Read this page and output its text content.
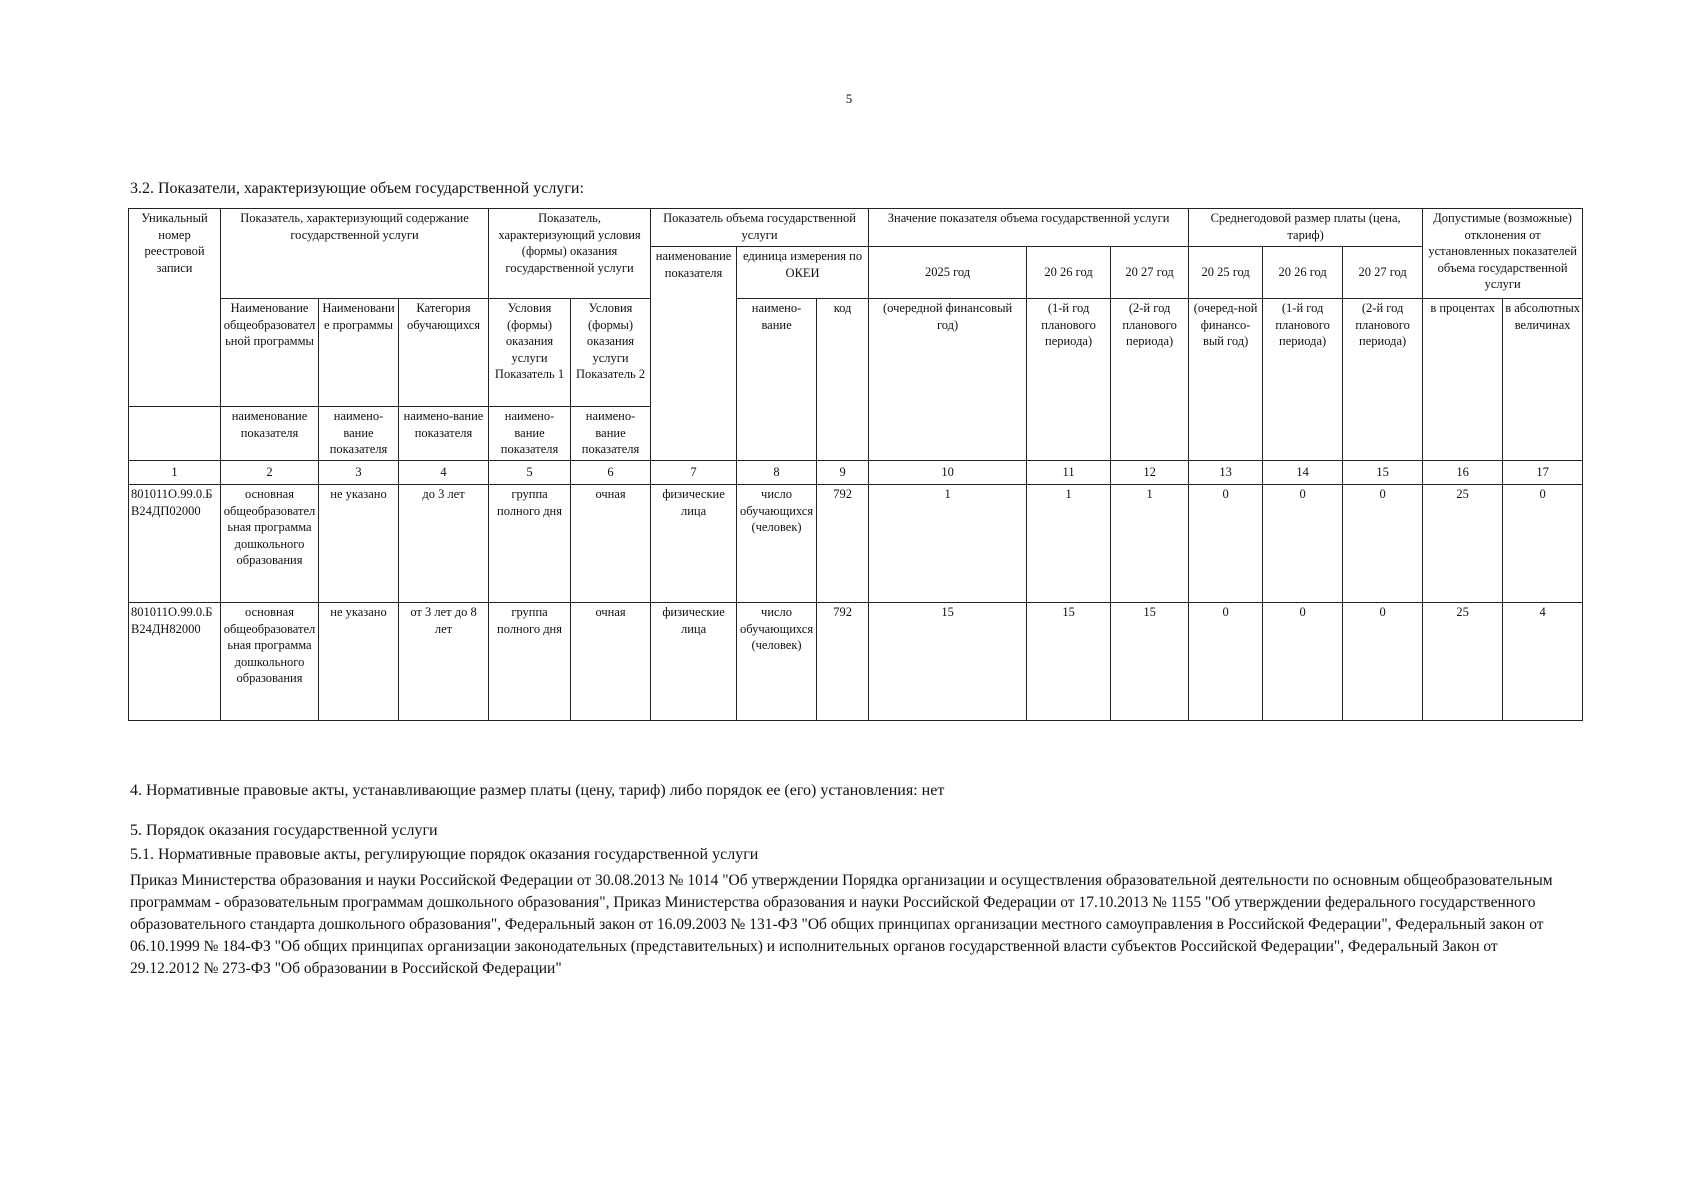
5
3.2. Показатели, характеризующие объем государственной услуги:
Уникальный номер реестровой записи	Показатель, характеризующий содержание государственной услуги			Показатель, характеризующий условия (формы) оказания государственной услуги		Показатель объема государственной услуги			Значение показателя объема государственной услуги			Среднегодовой размер платы (цена, тариф)			Допустимые (возможные) отклонения от установленных показателей объема государственной услуги	
						наименование показателя	единица измерения по ОКЕИ		2025 год	20 26 год	20 27 год	20 25 год	20 26 год	20 27 год		
	Наименование общеобразовательной программы	Наименование программы	Категория обучающихся	Условия (формы) оказания услуги Показатель 1	Условия (формы) оказания услуги Показатель 2		наимено-вание	код	(очередной финансовый год)	(1-й год планового периода)	(2-й год планового периода)	(очеред-ной финансо-вый год)	(1-й год планового периода)	(2-й год планового периода)	в процентах	в абсолютных величинах
	наименование показателя	наимено-вание показателя	наимено-вание показателя	наимено-вание показателя	наимено-вание показателя											
1	2	3	4	5	6	7	8	9	10	11	12	13	14	15	16	17
801011О.99.0.БВ24ДП02000	основная общеобразовательная программа дошкольного образования	не указано	до 3 лет	группа полного дня	очная	физические лица	число обучающихся (человек)	792	1	1	1	0	0	0	25	0
801011О.99.0.БВ24ДН82000	основная общеобразовательная программа дошкольного образования	не указано	от 3 лет до 8 лет	группа полного дня	очная	физические лица	число обучающихся (человек)	792	15	15	15	0	0	0	25	4
4. Нормативные правовые акты, устанавливающие размер платы (цену, тариф) либо порядок ее (его) установления: нет
5. Порядок оказания государственной услуги
5.1. Нормативные правовые акты, регулирующие порядок оказания государственной услуги
Приказ Министерства образования и науки Российской Федерации от 30.08.2013 № 1014 "Об утверждении Порядка организации и осуществления образовательной деятельности по основным общеобразовательным программам - образовательным программам дошкольного образования", Приказ Министерства образования и науки Российской Федерации от 17.10.2013 № 1155 "Об утверждении федерального государственного образовательного стандарта дошкольного образования", Федеральный закон от 16.09.2003 № 131-ФЗ "Об общих принципах организации местного самоуправления в Российской Федерации", Федеральный закон от 06.10.1999 № 184-ФЗ "Об общих принципах организации законодательных (представительных) и исполнительных органов государственной власти субъектов Российской Федерации", Федеральный Закон от 29.12.2012 № 273-ФЗ "Об образовании в Российской Федерации"
